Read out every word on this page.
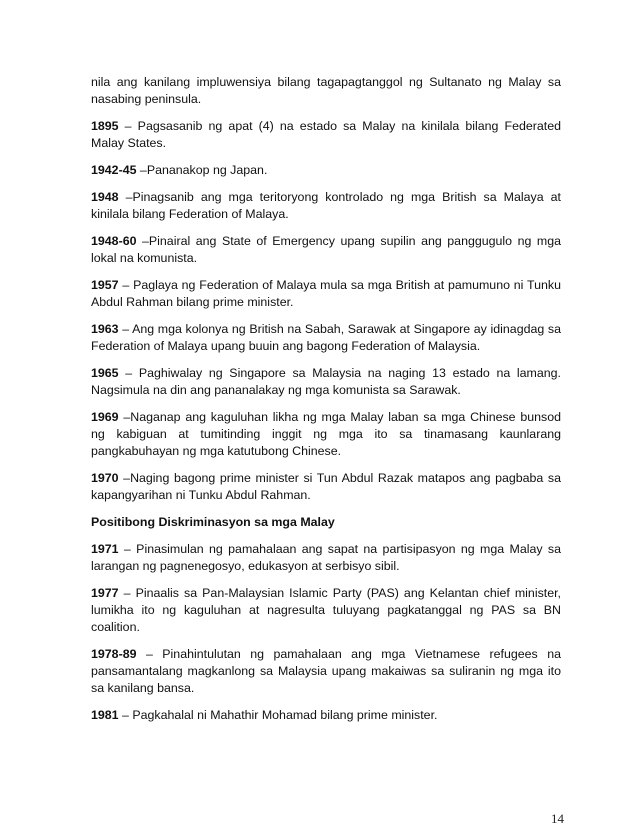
nila ang kanilang impluwensiya bilang tagapagtanggol ng Sultanato ng Malay sa nasabing peninsula.

1895 – Pagsasanib ng apat (4) na estado sa Malay na kinilala bilang Federated Malay States.

1942-45 –Pananakop ng Japan.

1948 –Pinagsanib ang mga teritoryong kontrolado ng mga British sa Malaya at kinilala bilang Federation of Malaya.

1948-60 –Pinairal ang State of Emergency upang supilin ang panggugulo ng mga lokal na komunista.

1957 – Paglaya ng Federation of Malaya mula sa mga British at pamumuno ni Tunku Abdul Rahman bilang prime minister.

1963 – Ang mga kolonya ng British na Sabah, Sarawak at Singapore ay idinagdag sa Federation of Malaya upang buuin ang bagong Federation of Malaysia.

1965 – Paghiwalay ng Singapore sa Malaysia na naging 13 estado na lamang. Nagsimula na din ang pananalakay ng mga komunista sa Sarawak.

1969 –Naganap ang kaguluhan likha ng mga Malay laban sa mga Chinese bunsod ng kabiguan at tumitinding inggit ng mga ito sa tinamasang kaunlarang pangkabuhayan ng mga katutubong Chinese.

1970 –Naging bagong prime minister si Tun Abdul Razak matapos ang pagbaba sa kapangyarihan ni Tunku Abdul Rahman.

Positibong Diskriminasyon sa mga Malay

1971 – Pinasimulan ng pamahalaan ang sapat na partisipasyon ng mga Malay sa larangan ng pagnenegosyo, edukasyon at serbisyo sibil.

1977 – Pinaalis sa Pan-Malaysian Islamic Party (PAS) ang Kelantan chief minister, lumikha ito ng kaguluhan at nagresulta tuluyang pagkatanggal ng PAS sa BN coalition.

1978-89 – Pinahintulutan ng pamahalaan ang mga Vietnamese refugees na pansamantalang magkanlong sa Malaysia upang makaiwas sa suliranin ng mga ito sa kanilang bansa.

1981 – Pagkahalal ni Mahathir Mohamad bilang prime minister.

14
